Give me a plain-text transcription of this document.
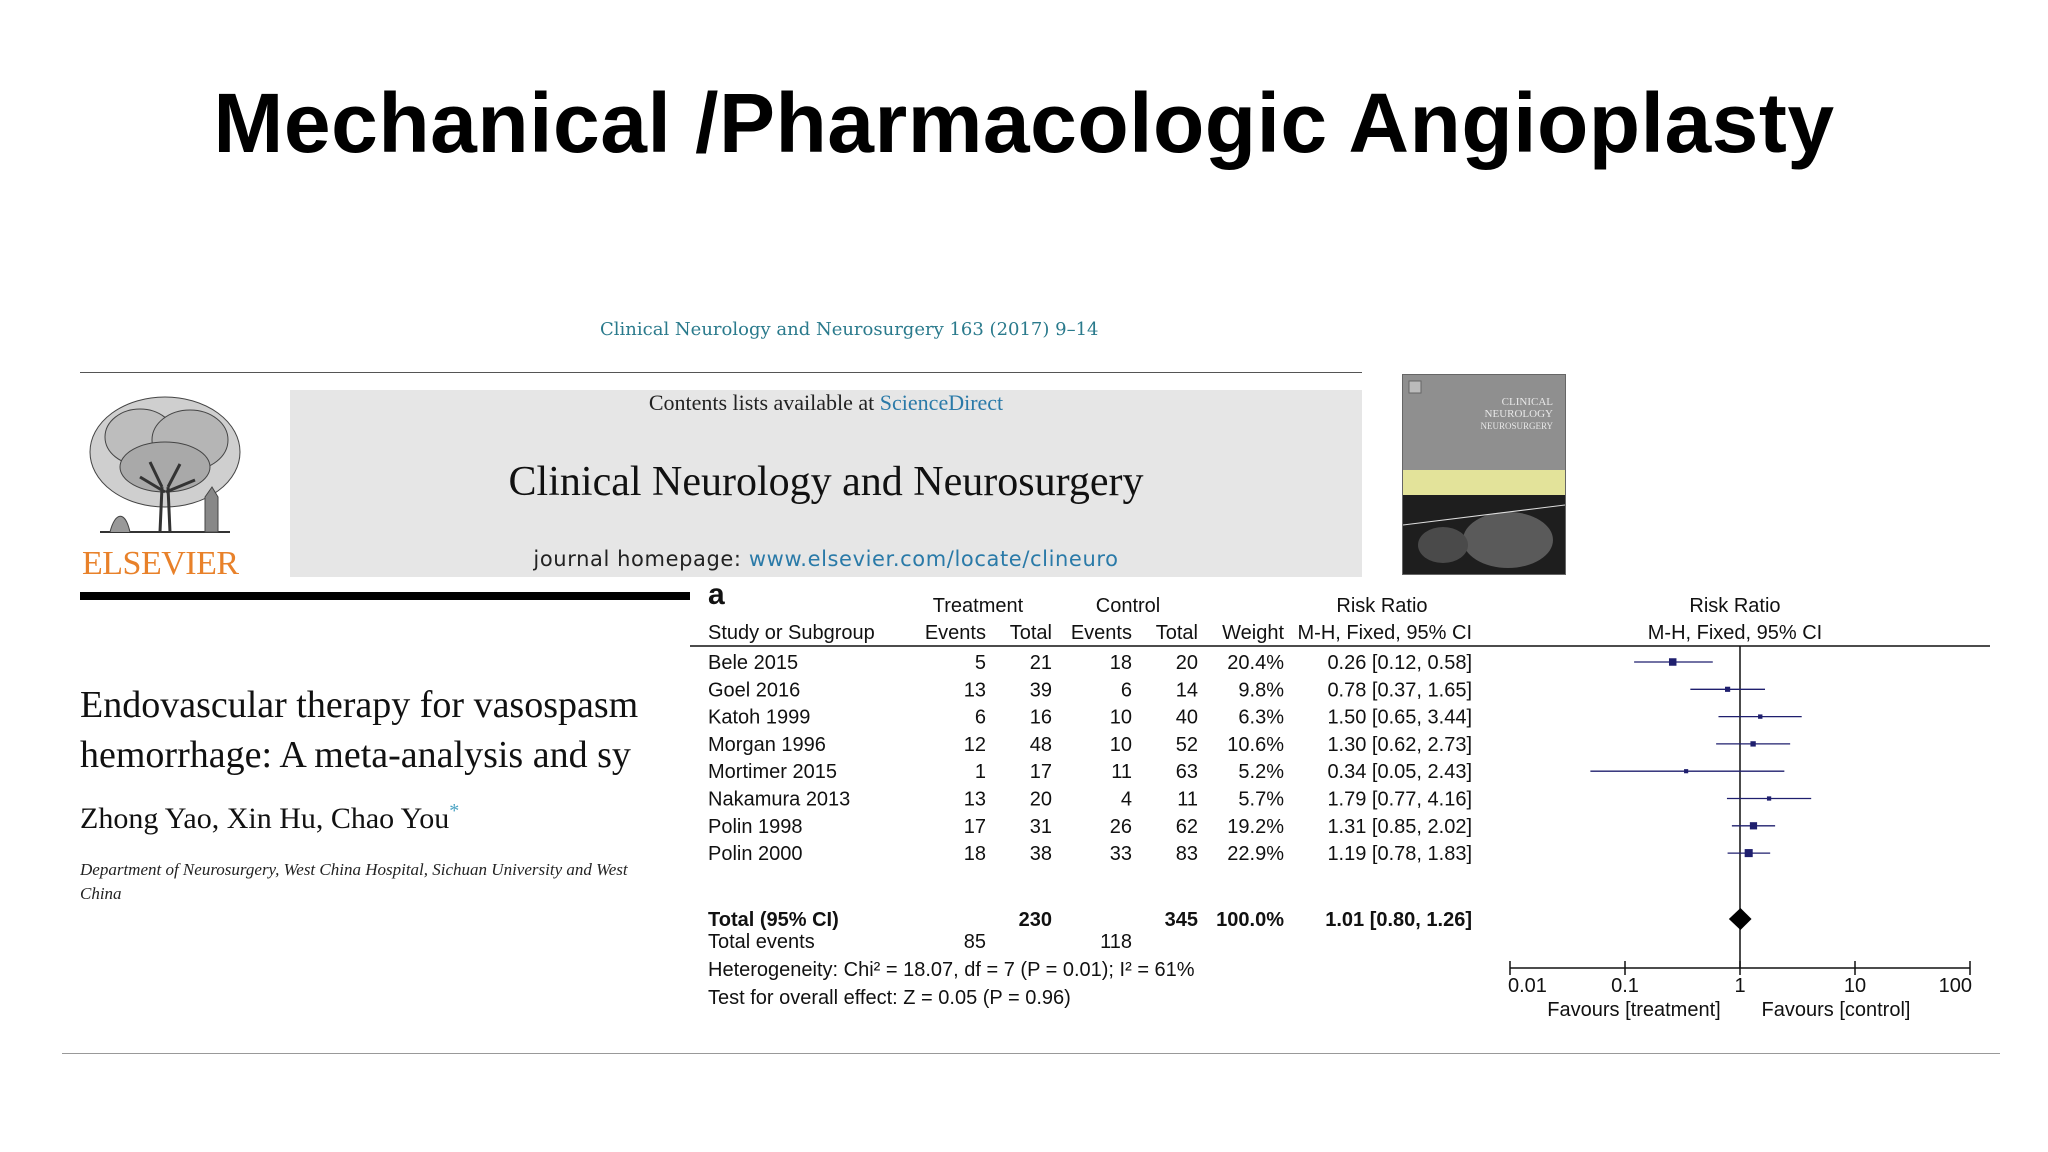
Mechanical /Pharmacologic Angioplasty
Clinical Neurology and Neurosurgery 163 (2017) 9–14
ELSEVIER
Contents lists available at ScienceDirect
Clinical Neurology and Neurosurgery
journal homepage: www.elsevier.com/locate/clineuro
CLINICAL
NEUROLOGY
NEUROSURGERY
Endovascular therapy for vasospasm
hemorrhage: A meta-analysis and sy
Zhong Yao, Xin Hu, Chao You*
Department of Neurosurgery, West China Hospital, Sichuan University and West
China
a	Treatment	Control	Risk Ratio	Risk Ratio
Study or Subgroup	Events Total Events Total Weight M-H, Fixed, 95% CI	M-H, Fixed, 95% CI
Bele 2015	5 21	18 20 20.4% 0.26 [0.12, 0.58]
Goel 2016	13 39	6 14 9.8% 0.78 [0.37, 1.65]
Katoh 1999	6 16	10 40 6.3% 1.50 [0.65, 3.44]
Morgan 1996	12 48	10 52 10.6% 1.30 [0.62, 2.73]
Mortimer 2015	1 17	11 63 5.2% 0.34 [0.05, 2.43]
Nakamura 2013	13 20	4 11 5.7% 1.79 [0.77, 4.16]
Polin 1998	17 31	26 62 19.2% 1.31 [0.85, 2.02]
Polin 2000	18 38	33 83 22.9% 1.19 [0.78, 1.83]
Total (95% CI)	230	345 100.0% 1.01 [0.80, 1.26]
0.01	0.1	1	10	100
Total events	85	118
Heterogeneity: Chi² = 18.07, df = 7 (P = 0.01); I² = 61%
Test for overall effect: Z = 0.05 (P = 0.96)
Favours [treatment] Favours [control]
